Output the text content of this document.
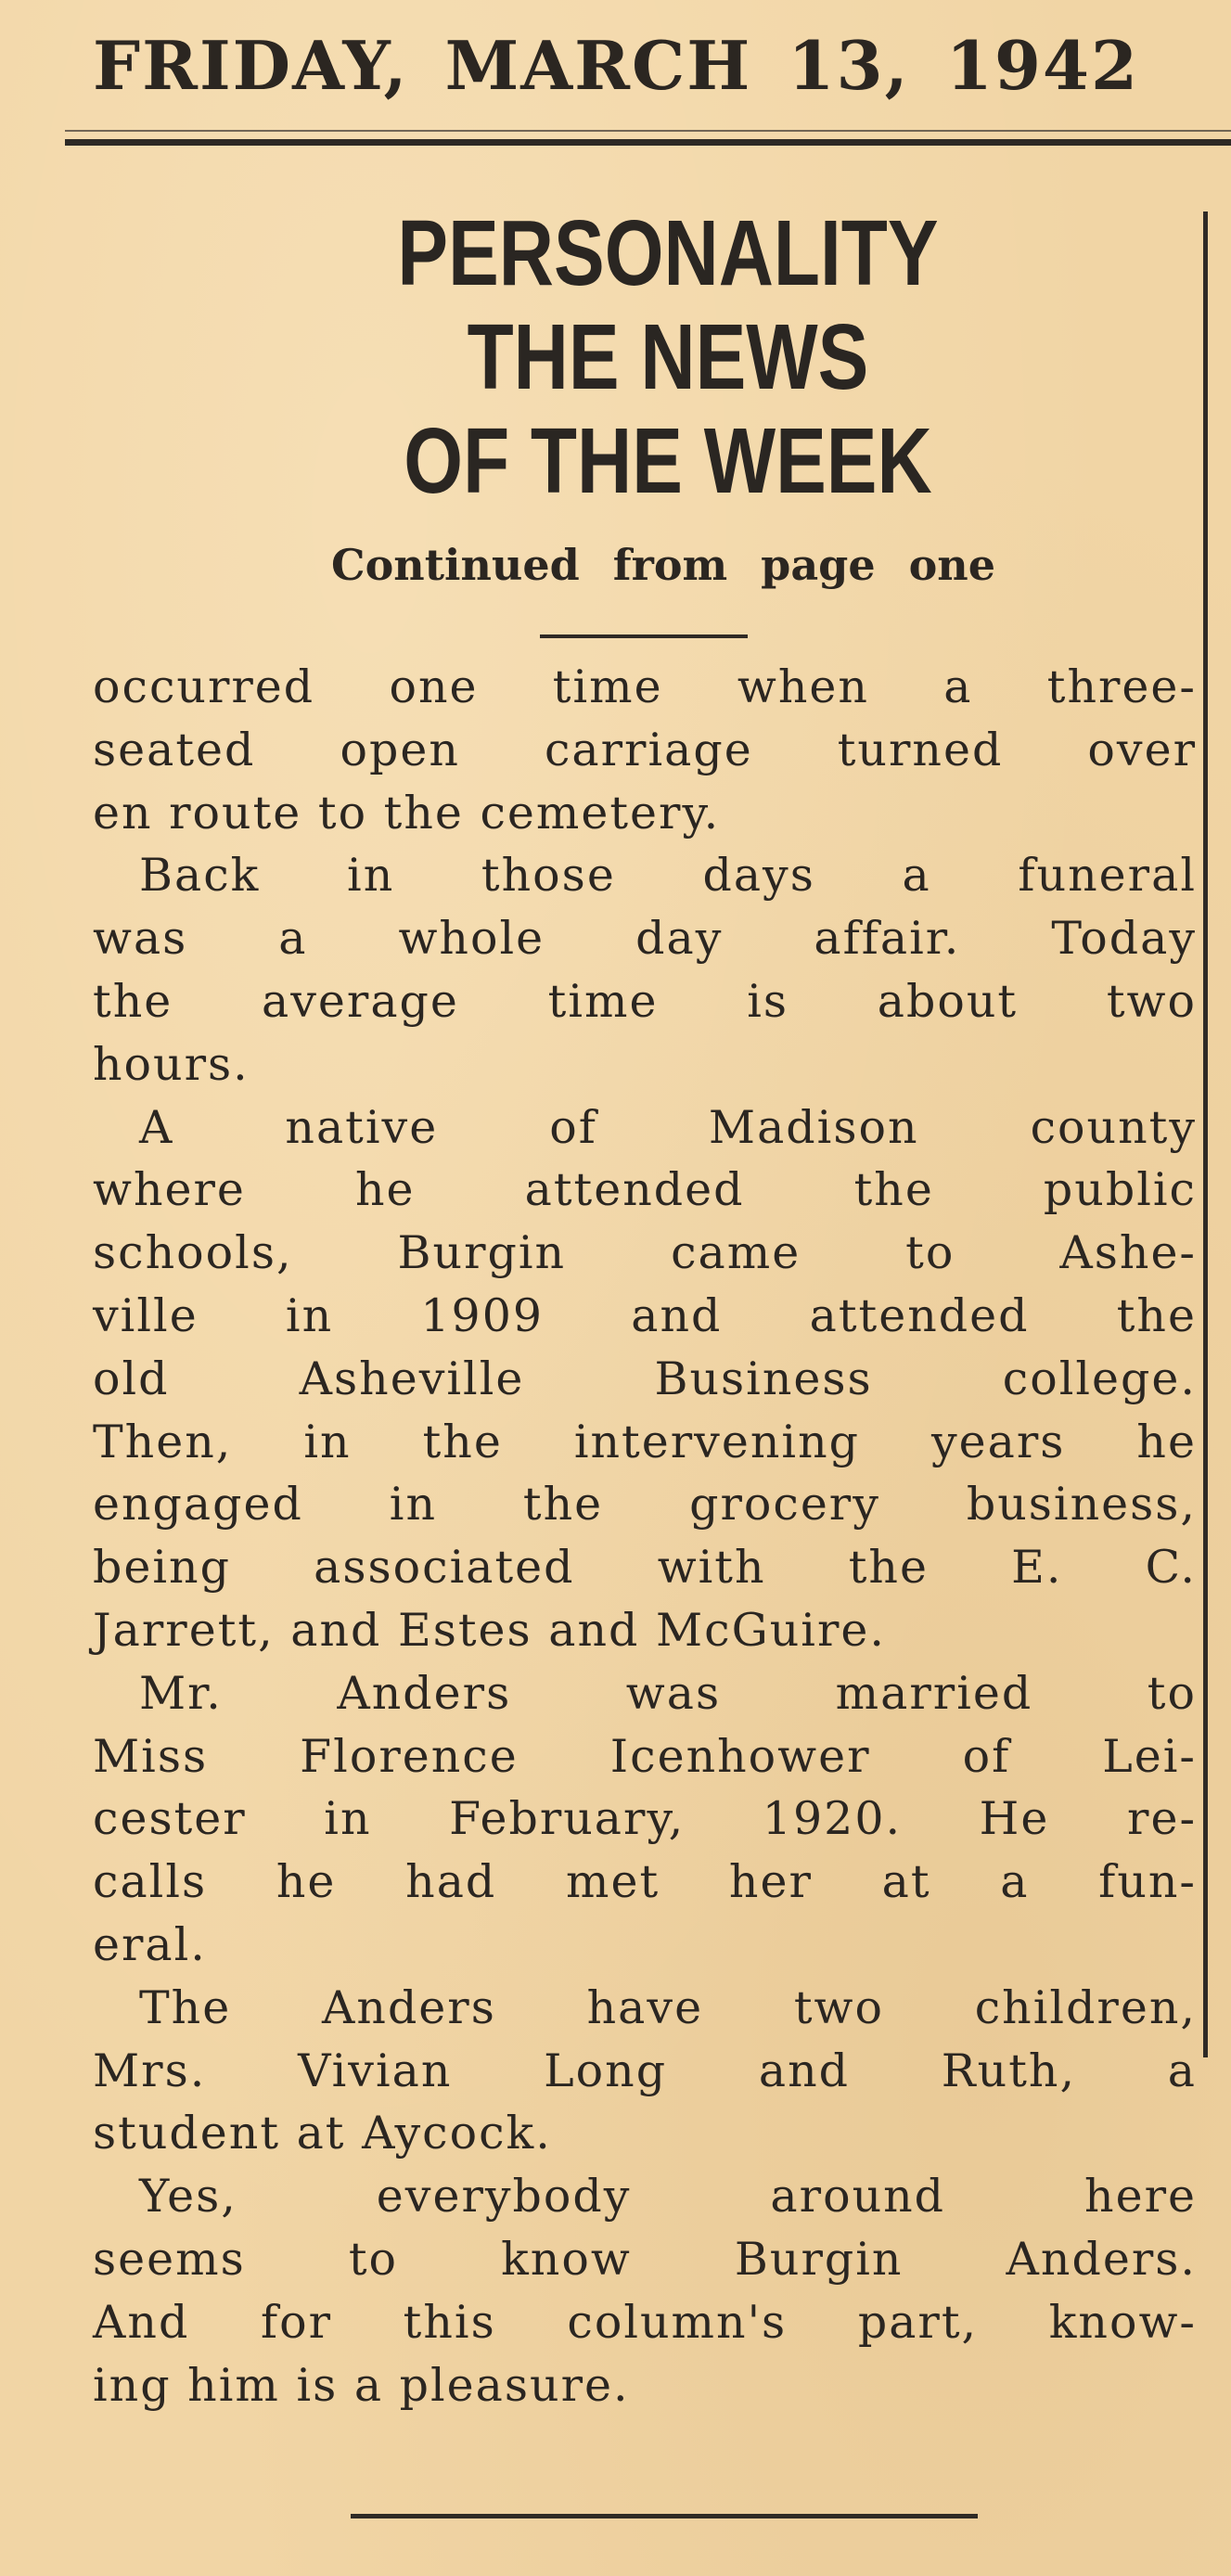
FRIDAY, MARCH 13, 1942
PERSONALITY
THE NEWS
OF THE WEEK
Continued from page one
occurred one time when a three-
seated open carriage turned over
en route to the cemetery.
Back in those days a funeral
was a whole day affair. Today
the average time is about two
hours.
A native of Madison county
where he attended the public
schools, Burgin came to Ashe-
ville in 1909 and attended the
old Asheville Business college.
Then, in the intervening years he
engaged in the grocery business,
being associated with the E. C.
Jarrett, and Estes and McGuire.
Mr. Anders was married to
Miss Florence Icenhower of Lei-
cester in February, 1920. He re-
calls he had met her at a fun-
eral.
The Anders have two children,
Mrs. Vivian Long and Ruth, a
student at Aycock.
Yes, everybody around here
seems to know Burgin Anders.
And for this column's part, know-
ing him is a pleasure.
